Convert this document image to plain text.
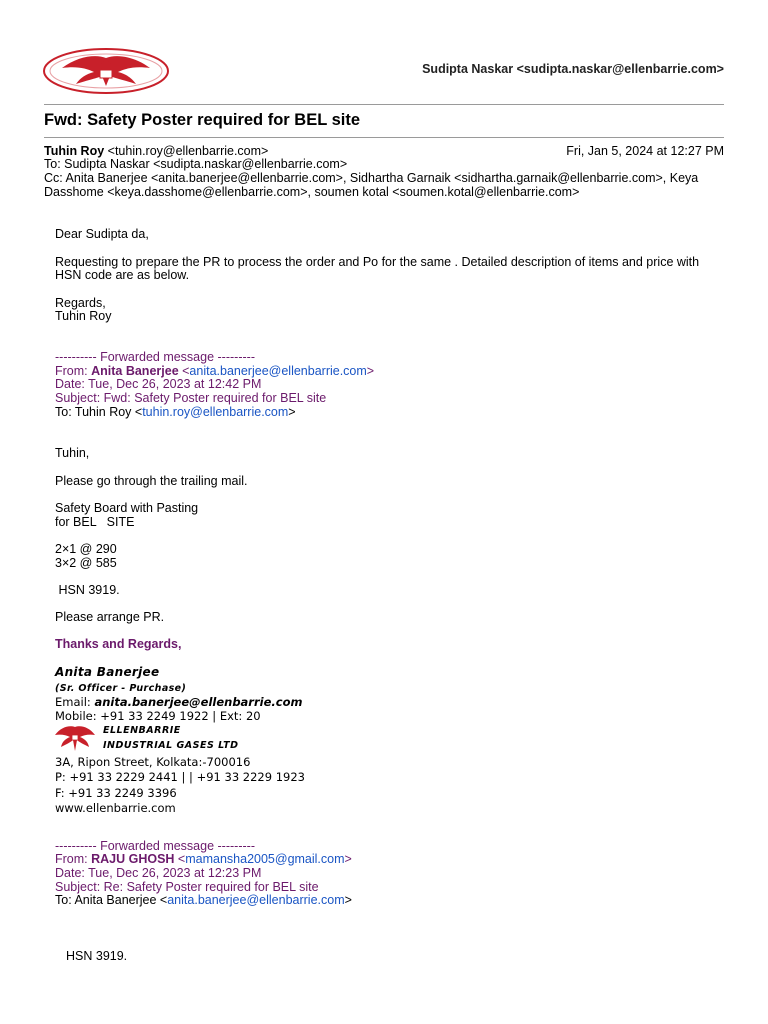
Sudipta Naskar <sudipta.naskar@ellenbarrie.com>
Fwd: Safety Poster required for BEL site
Tuhin Roy <tuhin.roy@ellenbarrie.com>	Fri, Jan 5, 2024 at 12:27 PM
To: Sudipta Naskar <sudipta.naskar@ellenbarrie.com>
Cc: Anita Banerjee <anita.banerjee@ellenbarrie.com>, Sidhartha Garnaik <sidhartha.garnaik@ellenbarrie.com>, Keya
Dasshome <keya.dasshome@ellenbarrie.com>, soumen kotal <soumen.kotal@ellenbarrie.com>
Dear Sudipta da,
Requesting to prepare the PR to process the order and Po for the same . Detailed description of items and price with
HSN code are as below.
Regards,
Tuhin Roy
---------- Forwarded message ---------
From: Anita Banerjee <anita.banerjee@ellenbarrie.com>
Date: Tue, Dec 26, 2023 at 12:42 PM
Subject: Fwd: Safety Poster required for BEL site
To: Tuhin Roy <tuhin.roy@ellenbarrie.com>
Tuhin,
Please go through the trailing mail.
Safety Board with Pasting
for BEL   SITE
2×1 @ 290
3×2 @ 585
HSN 3919.
Please arrange PR.
Thanks and Regards,
Anita Banerjee
(Sr. Officer - Purchase)
Email: anita.banerjee@ellenbarrie.com
Mobile: +91 33 2249 1922 | Ext: 20
ELLENBARRIE
INDUSTRIAL GASES LTD
3A, Ripon Street, Kolkata:-700016
P: +91 33 2229 2441 | | +91 33 2229 1923
F: +91 33 2249 3396
www.ellenbarrie.com
---------- Forwarded message ---------
From: RAJU GHOSH <mamansha2005@gmail.com>
Date: Tue, Dec 26, 2023 at 12:23 PM
Subject: Re: Safety Poster required for BEL site
To: Anita Banerjee <anita.banerjee@ellenbarrie.com>
HSN 3919.
